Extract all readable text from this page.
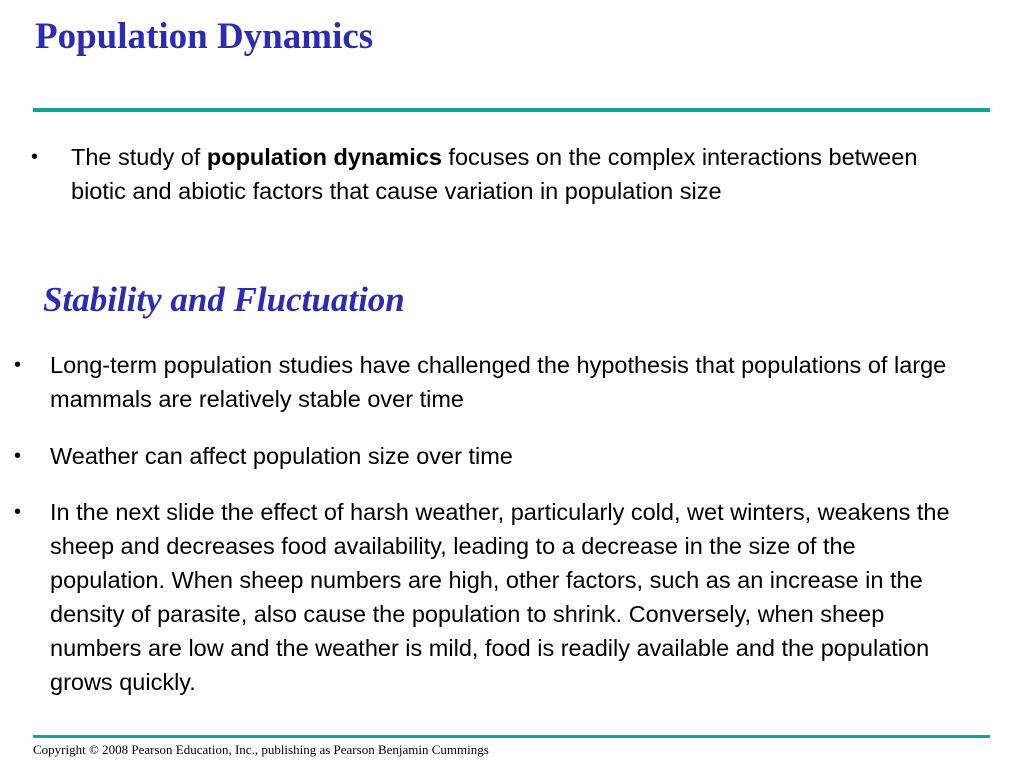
Population Dynamics
• The study of population dynamics focuses on the complex interactions between biotic and abiotic factors that cause variation in population size
Stability and Fluctuation
• Long-term population studies have challenged the hypothesis that populations of large mammals are relatively stable over time
• Weather can affect population size over time
• In the next slide the effect of harsh weather, particularly cold, wet winters, weakens the sheep and decreases food availability, leading to a decrease in the size of the population. When sheep numbers are high, other factors, such as an increase in the density of parasite, also cause the population to shrink. Conversely, when sheep numbers are low and the weather is mild, food is readily available and the population grows quickly.
Copyright © 2008 Pearson Education, Inc., publishing as Pearson Benjamin Cummings
